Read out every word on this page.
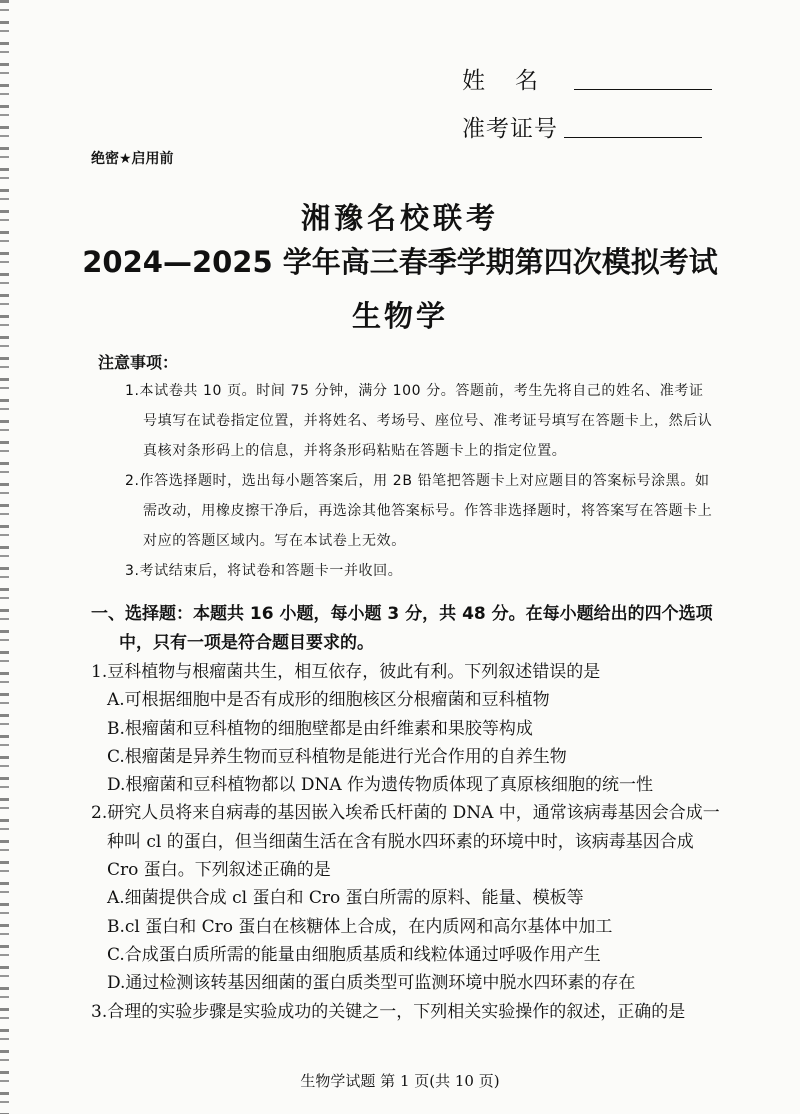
姓名
准考证号
绝密★启用前
湘豫名校联考
2024—2025 学年高三春季学期第四次模拟考试
生物学
注意事项：

1.本试卷共 10 页。时间 75 分钟，满分 100 分。答题前，考生先将自己的姓名、准考证号填写在试卷指定位置，并将姓名、考场号、座位号、准考证号填写在答题卡上，然后认真核对条形码上的信息，并将条形码粘贴在答题卡上的指定位置。

2.作答选择题时，选出每小题答案后，用 2B 铅笔把答题卡上对应题目的答案标号涂黑。如需改动，用橡皮擦干净后，再选涂其他答案标号。作答非选择题时，将答案写在答题卡上对应的答题区域内。写在本试卷上无效。

3.考试结束后，将试卷和答题卡一并收回。

一、选择题：本题共 16 小题，每小题 3 分，共 48 分。在每小题给出的四个选项
中，只有一项是符合题目要求的。
1.豆科植物与根瘤菌共生，相互依存，彼此有利。下列叙述错误的是
A.可根据细胞中是否有成形的细胞核区分根瘤菌和豆科植物
B.根瘤菌和豆科植物的细胞壁都是由纤维素和果胶等构成
C.根瘤菌是异养生物而豆科植物是能进行光合作用的自养生物
D.根瘤菌和豆科植物都以 DNA 作为遗传物质体现了真原核细胞的统一性
2.研究人员将来自病毒的基因嵌入埃希氏杆菌的 DNA 中，通常该病毒基因会合成一种叫 cl 的蛋白，但当细菌生活在含有脱水四环素的环境中时，该病毒基因合成 Cro 蛋白。下列叙述正确的是
A.细菌提供合成 cl 蛋白和 Cro 蛋白所需的原料、能量、模板等
B.cl 蛋白和 Cro 蛋白在核糖体上合成，在内质网和高尔基体中加工
C.合成蛋白质所需的能量由细胞质基质和线粒体通过呼吸作用产生
D.通过检测该转基因细菌的蛋白质类型可监测环境中脱水四环素的存在
3.合理的实验步骤是实验成功的关键之一，下列相关实验操作的叙述，正确的是
生物学试题 第 1 页(共 10 页)
